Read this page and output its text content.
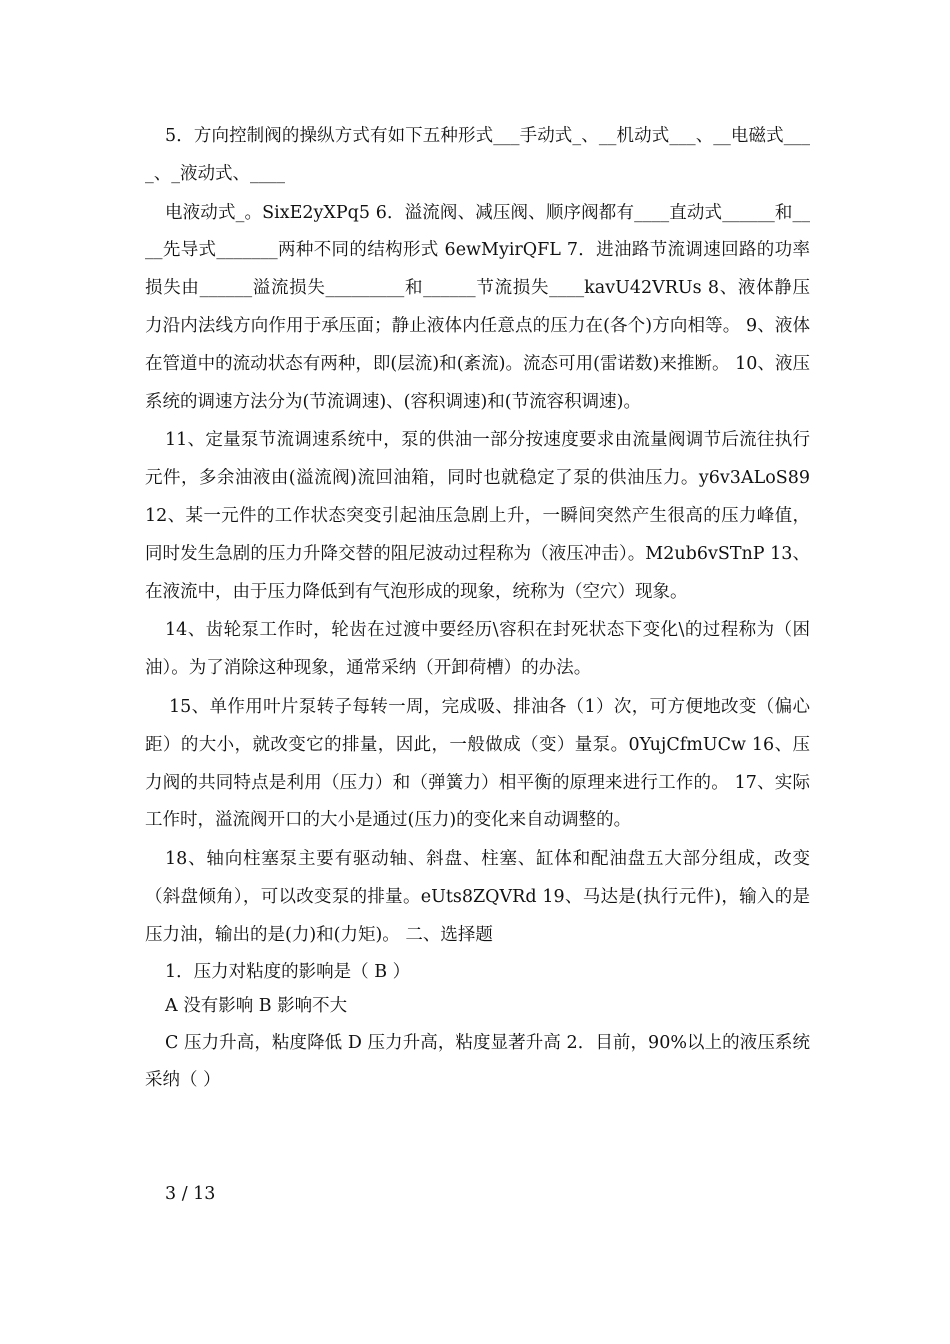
5．方向控制阀的操纵方式有如下五种形式___手动式_、__机动式___、__电磁式____、_液动式、____

电液动式_。SixE2yXPq5 6．溢流阀、减压阀、顺序阀都有____直动式______和____先导式_______两种不同的结构形式 6ewMyirQFL 7．进油路节流调速回路的功率损失由______溢流损失_________和______节流损失____kavU42VRUs 8、液体静压力沿内法线方向作用于承压面；静止液体内任意点的压力在(各个)方向相等。 9、液体在管道中的流动状态有两种，即(层流)和(紊流)。流态可用(雷诺数)来推断。 10、液压系统的调速方法分为(节流调速)、(容积调速)和(节流容积调速)。

11、定量泵节流调速系统中，泵的供油一部分按速度要求由流量阀调节后流往执行元件，多余油液由(溢流阀)流回油箱，同时也就稳定了泵的供油压力。y6v3ALoS89 12、某一元件的工作状态突变引起油压急剧上升，一瞬间突然产生很高的压力峰值，同时发生急剧的压力升降交替的阻尼波动过程称为（液压冲击）。M2ub6vSTnP 13、在液流中，由于压力降低到有气泡形成的现象，统称为（空穴）现象。

14、齿轮泵工作时，轮齿在过渡中要经历\容积在封死状态下变化\的过程称为（困油）。为了消除这种现象，通常采纳（开卸荷槽）的办法。

15、单作用叶片泵转子每转一周，完成吸、排油各（1）次，可方便地改变（偏心距）的大小，就改变它的排量，因此，一般做成（变）量泵。0YujCfmUCw 16、压力阀的共同特点是利用（压力）和（弹簧力）相平衡的原理来进行工作的。 17、实际工作时，溢流阀开口的大小是通过(压力)的变化来自动调整的。

18、轴向柱塞泵主要有驱动轴、斜盘、柱塞、缸体和配油盘五大部分组成，改变（斜盘倾角），可以改变泵的排量。eUts8ZQVRd 19、马达是(执行元件)，输入的是压力油，输出的是(力)和(力矩)。 二、选择题

1．压力对粘度的影响是（ B ）

A 没有影响 B 影响不大

C 压力升高，粘度降低 D 压力升高，粘度显著升高 2．目前，90%以上的液压系统采纳（ ）

3 / 13
